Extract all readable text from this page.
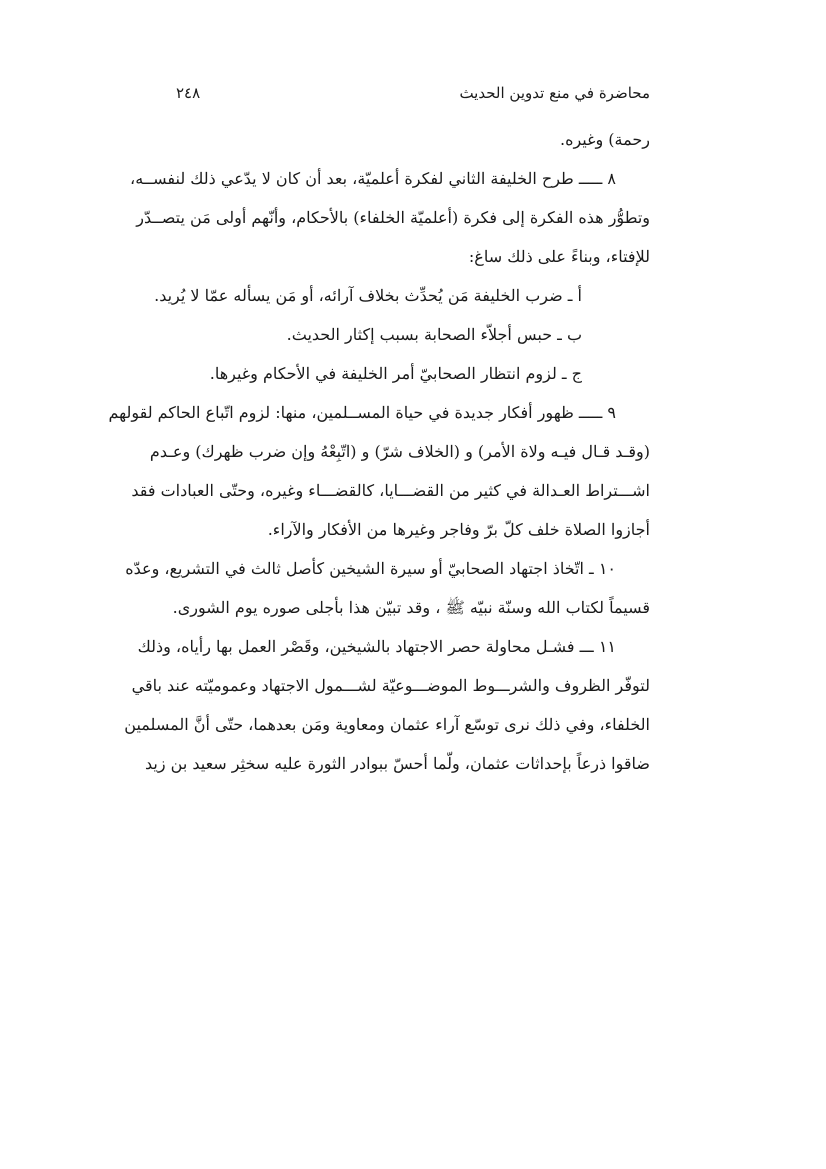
محاضرة في منع تدوين الحديث
٢٤٨
رحمة) وغيره.
٨ ـــــ طرح الخليفة الثاني لفكرة أعلميّة، بعد أن كان لا يدّعي ذلك لنفســه،
وتطوُّر هذه الفكرة إلى فكرة (أعلميّة الخلفاء) بالأحكام، وأنّهم أولى مَن يتصــدّر
للإفتاء، وبناءً على ذلك ساغ:
أ ـ ضرب الخليفة مَن يُحدِّث بخلاف آرائه، أو مَن يسأله عمّا لا يُريد.
ب ـ حبس أجلاّء الصحابة بسبب إكثار الحديث.
ج ـ لزوم انتظار الصحابيّ أمر الخليفة في الأحكام وغيرها.
٩ ـــــ ظهور أفكار جديدة في حياة المســلمين، منها: لزوم اتّباع الحاكم لقولهم
(وقـد قـال فيـه ولاة الأمر) و (الخلاف شرّ) و (اتّبِعْهُ وإن ضرب ظهرك) وعـدم
اشـــتراط العـدالة في كثير من القضـــايا، كالقضـــاء وغيره، وحتّى العبادات فقد
أجازوا الصلاة خلف كلّ برّ وفاجر وغيرها من الأفكار والآراء.
١٠ ـ اتّخاذ اجتهاد الصحابيّ أو سيرة الشيخين كأصل ثالث في التشريع، وعدّه
قسيماً لكتاب الله وسنّة نبيّه ﷺ ، وقد تبيّن هذا بأجلى صوره يوم الشورى.
١١ ـــ فشـل محاولة حصر الاجتهاد بالشيخين، وقَصْر العمل بها رأياه، وذلك
لتوفّر الظروف والشرـــوط الموضـــوعيّة لشـــمول الاجتهاد وعموميّته عند باقي
الخلفاء، وفي ذلك نرى توسّع آراء عثمان ومعاوية ومَن بعدهما، حتّى أنَّ المسلمين
ضاقوا ذرعاً بإحداثات عثمان، ولّما أحسّ ببوادر الثورة عليه سخثِر سعيد بن زيد
